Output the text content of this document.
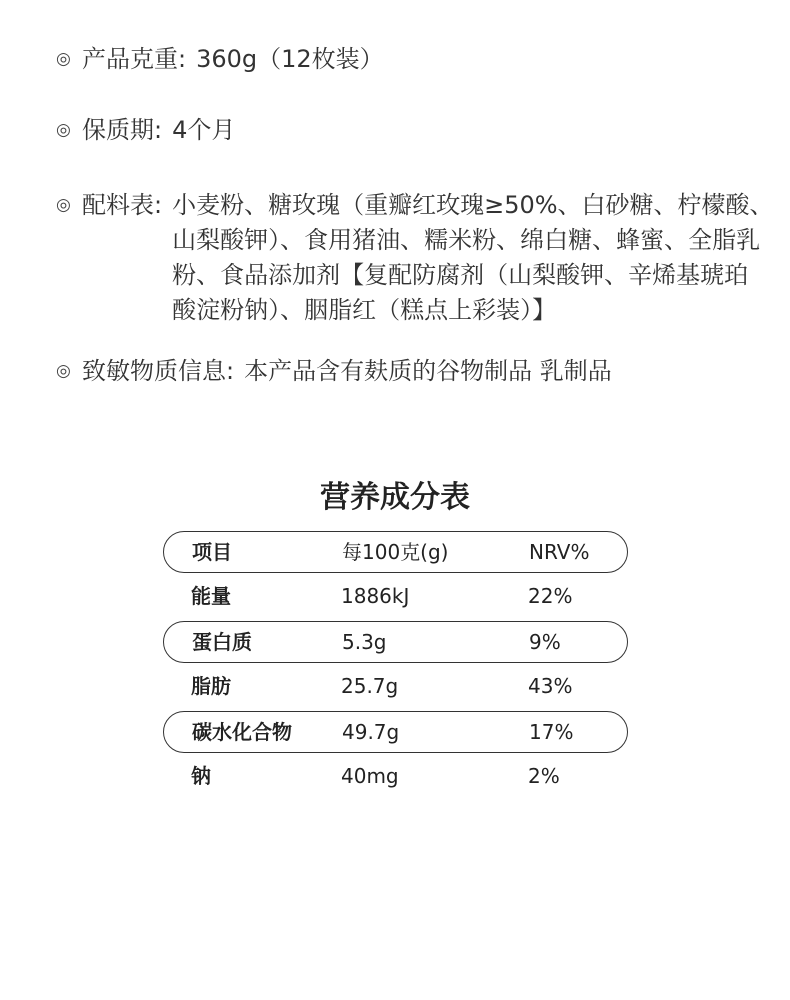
◎ 产品克重: 360g（12枚装）
◎ 保质期: 4个月
◎ 配料表: 小麦粉、糖玫瑰（重瓣红玫瑰≥50%、白砂糖、柠檬酸、
山梨酸钾）、食用猪油、糯米粉、绵白糖、蜂蜜、全脂乳
粉、食品添加剂【复配防腐剂（山梨酸钾、辛烯基琥珀
酸淀粉钠）、胭脂红（糕点上彩装）】
◎ 致敏物质信息: 本产品含有麸质的谷物制品 乳制品
营养成分表
项目	每100克(g)	NRV%
能量	1886kJ	22%
蛋白质	5.3g	9%
脂肪	25.7g	43%
碳水化合物	49.7g	17%
钠	40mg	2%
